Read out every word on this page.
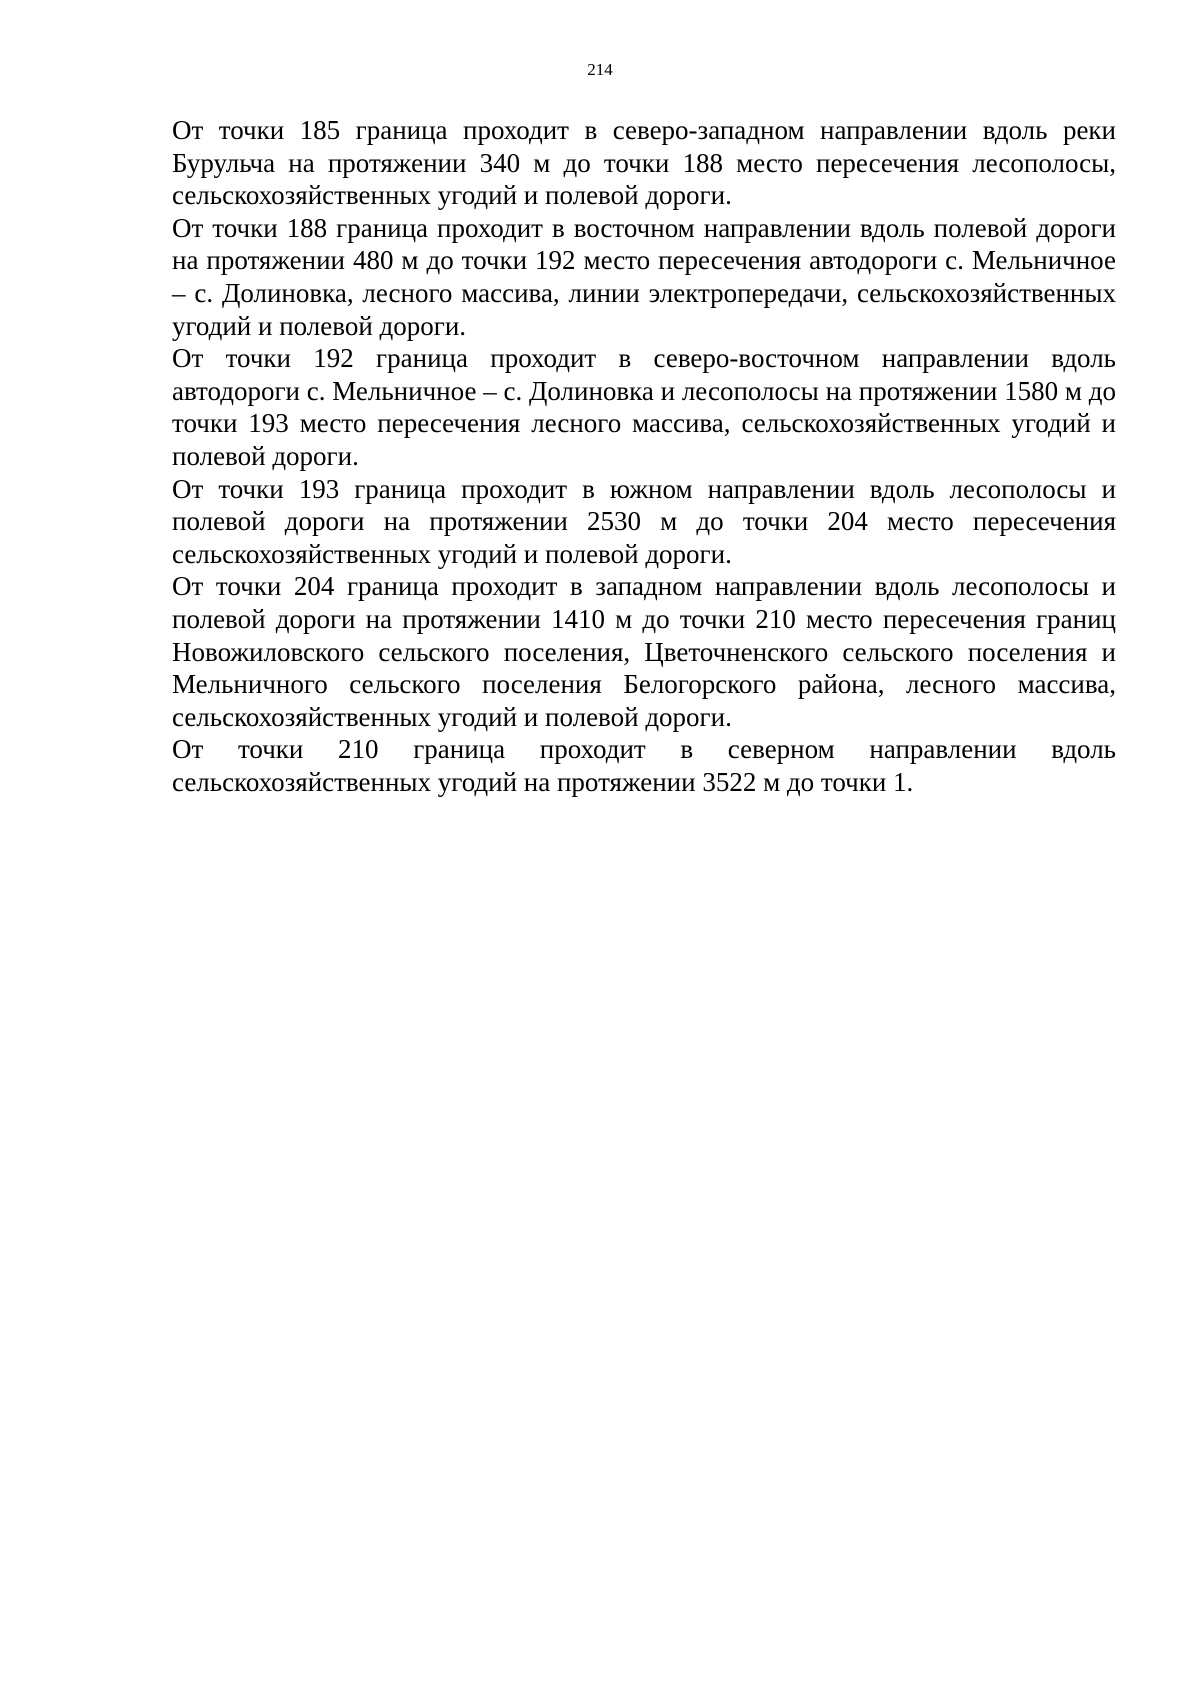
214

От точки 185 граница проходит в северо-западном направлении вдоль реки Бурульча на протяжении 340 м до точки 188 место пересечения лесополосы, сельскохозяйственных угодий и полевой дороги.

От точки 188 граница проходит в восточном направлении вдоль полевой дороги на протяжении 480 м до точки 192 место пересечения автодороги с. Мельничное – с. Долиновка, лесного массива, линии электропередачи, сельскохозяйственных угодий и полевой дороги.

От точки 192 граница проходит в северо-восточном направлении вдоль автодороги с. Мельничное – с. Долиновка и лесополосы на протяжении 1580 м до точки 193 место пересечения лесного массива, сельскохозяйственных угодий и полевой дороги.

От точки 193 граница проходит в южном направлении вдоль лесополосы и полевой дороги на протяжении 2530 м до точки 204 место пересечения сельскохозяйственных угодий и полевой дороги.

От точки 204 граница проходит в западном направлении вдоль лесополосы и полевой дороги на протяжении 1410 м до точки 210 место пересечения границ Новожиловского сельского поселения, Цветочненского сельского поселения и Мельничного сельского поселения Белогорского района, лесного массива, сельскохозяйственных угодий и полевой дороги.

От точки 210 граница проходит в северном направлении вдоль сельскохозяйственных угодий на протяжении 3522 м до точки 1.
